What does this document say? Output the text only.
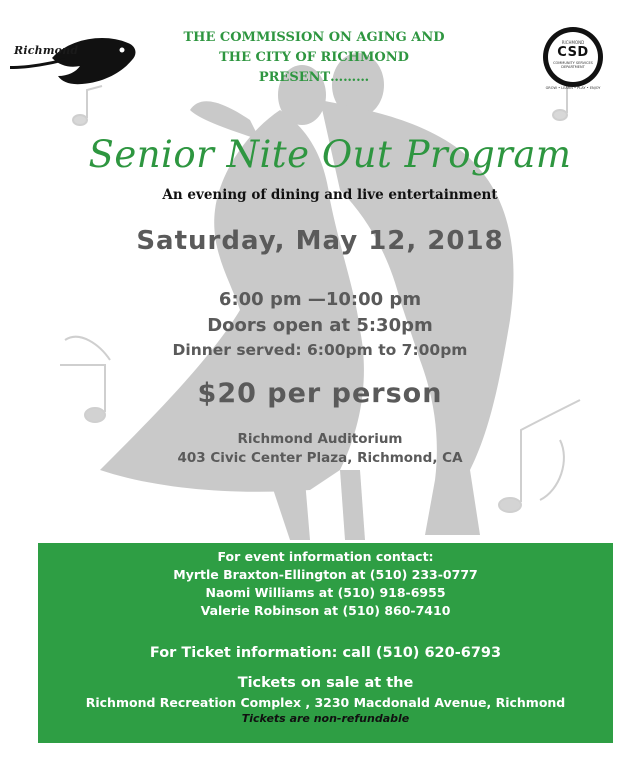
Richmond
RICHMOND
CSD
COMMUNITY SERVICES DEPARTMENT
GROW • LEARN • PLAY • ENJOY
THE COMMISSION ON AGING AND
THE CITY OF RICHMOND
PRESENT………
Senior Nite Out Program
An evening of dining and live entertainment
Saturday, May 12, 2018
6:00 pm —10:00 pm
Doors open at 5:30pm
Dinner served: 6:00pm to 7:00pm
$20 per person
Richmond Auditorium
403 Civic Center Plaza, Richmond, CA
For event information contact:
Myrtle Braxton-Ellington at (510) 233-0777
Naomi Williams at (510) 918-6955
Valerie Robinson at (510) 860-7410
For Ticket information: call (510) 620-6793
Tickets on sale at the
Richmond Recreation Complex , 3230 Macdonald Avenue, Richmond
Tickets are non-refundable
